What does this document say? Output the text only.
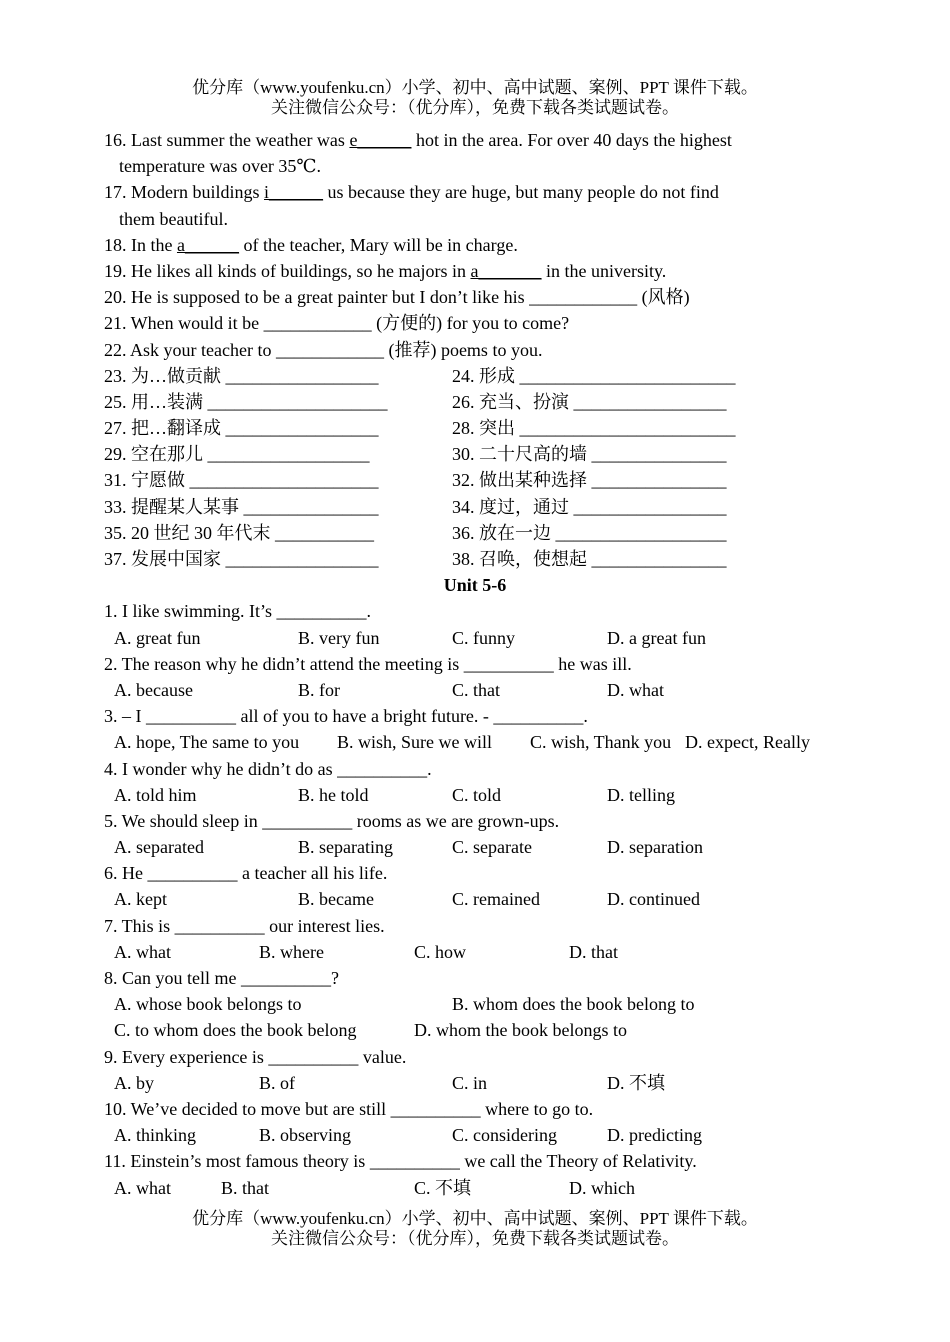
优分库（www.youfenku.cn）小学、初中、高中试题、案例、PPT 课件下载。
关注微信公众号：（优分库），免费下载各类试题试卷。
16. Last summer the weather was e______ hot in the area. For over 40 days the highest
temperature was over 35℃.
17. Modern buildings i______ us because they are huge, but many people do not find
them beautiful.
18. In the a______ of the teacher, Mary will be in charge.
19. He likes all kinds of buildings, so he majors in a_______ in the university.
20. He is supposed to be a great painter but I don’t like his ____________ (风格)
21. When would it be ____________ (方便的) for you to come?
22. Ask your teacher to ____________ (推荐) poems to you.
23. 为…做贡献 _________________	24. 形成 ________________________
25. 用…装满 ____________________	26. 充当、扮演 _________________
27. 把…翻译成 _________________	28. 突出 ________________________
29. 空在那儿 __________________	30. 二十尺高的墙 _______________
31. 宁愿做 _____________________	32. 做出某种选择 _______________
33. 提醒某人某事 _______________	34. 度过，通过 _________________
35. 20 世纪 30 年代末 ___________	36. 放在一边 ___________________
37. 发展中国家 _________________	38. 召唤，使想起 _______________
Unit 5-6
1. I like swimming. It’s __________.
A. great fun	B. very fun	C. funny	D. a great fun
2. The reason why he didn’t attend the meeting is __________ he was ill.
A. because	B. for	C. that	D. what
3. – I __________ all of you to have a bright future. - __________.
A. hope, The same to you B. wish, Sure we will C. wish, Thank you D. expect, Really
4. I wonder why he didn’t do as __________.
A. told him	B. he told	C. told	D. telling
5. We should sleep in __________ rooms as we are grown-ups.
A. separated	B. separating	C. separate	D. separation
6. He __________ a teacher all his life.
A. kept	B. became	C. remained	D. continued
7. This is __________ our interest lies.
A. what	B. where	C. how	D. that
8. Can you tell me __________?
A. whose book belongs to	B. whom does the book belong to
C. to whom does the book belong	D. whom the book belongs to
9. Every experience is __________ value.
A. by	B. of	C. in	D. 不填
10. We’ve decided to move but are still __________ where to go to.
A. thinking	B. observing	C. considering	D. predicting
11. Einstein’s most famous theory is __________ we call the Theory of Relativity.
A. what	B. that	C. 不填	D. which
优分库（www.youfenku.cn）小学、初中、高中试题、案例、PPT 课件下载。
关注微信公众号：（优分库），免费下载各类试题试卷。
